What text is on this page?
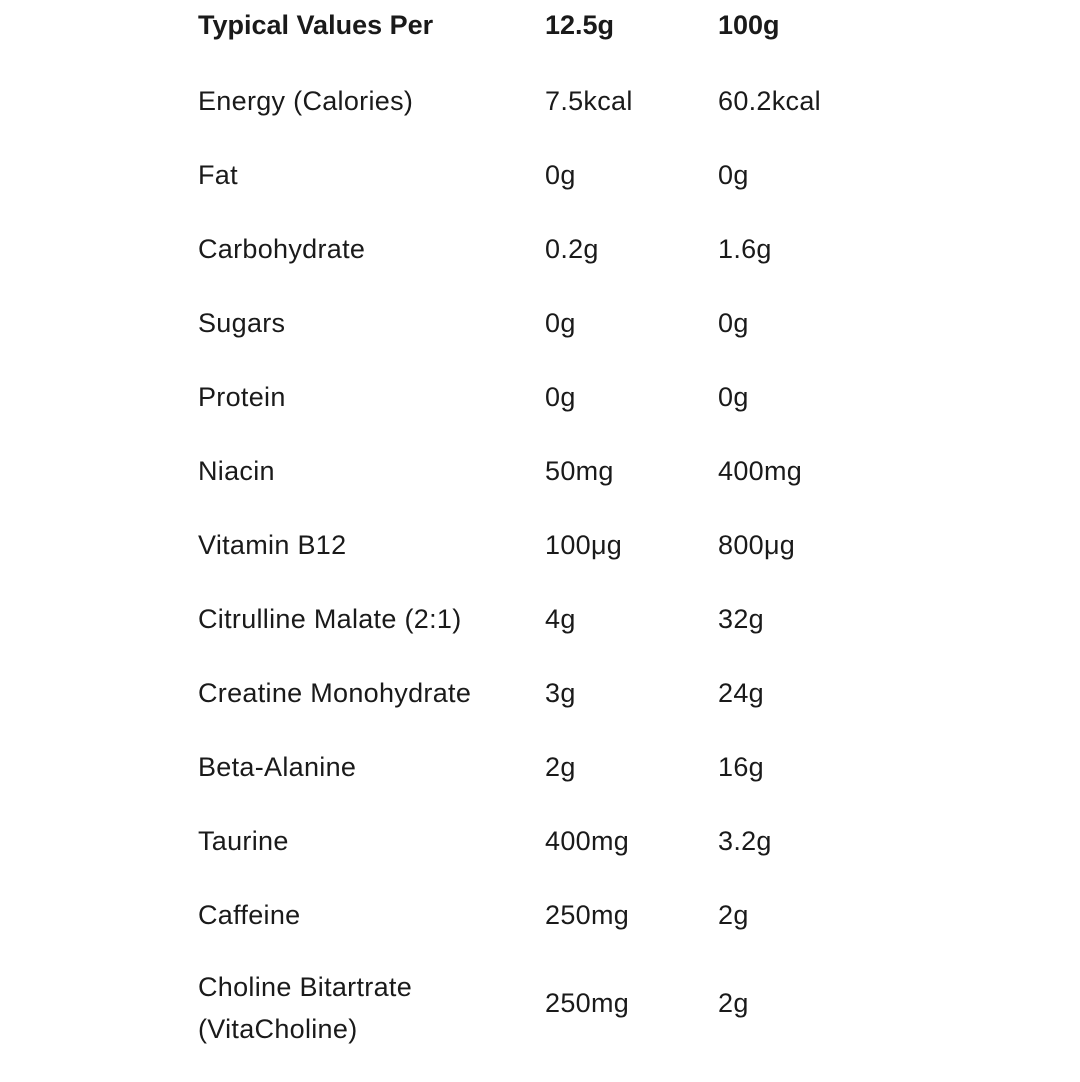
Typical Values Per	12.5g	100g
Energy (Calories)	7.5kcal	60.2kcal
Fat	0g	0g
Carbohydrate	0.2g	1.6g
Sugars	0g	0g
Protein	0g	0g
Niacin	50mg	400mg
Vitamin B12	100μg	800μg
Citrulline Malate (2:1)	4g	32g
Creatine Monohydrate	3g	24g
Beta-Alanine	2g	16g
Taurine	400mg	3.2g
Caffeine	250mg	2g
Choline Bitartrate
(VitaCholine)
250mg	2g
